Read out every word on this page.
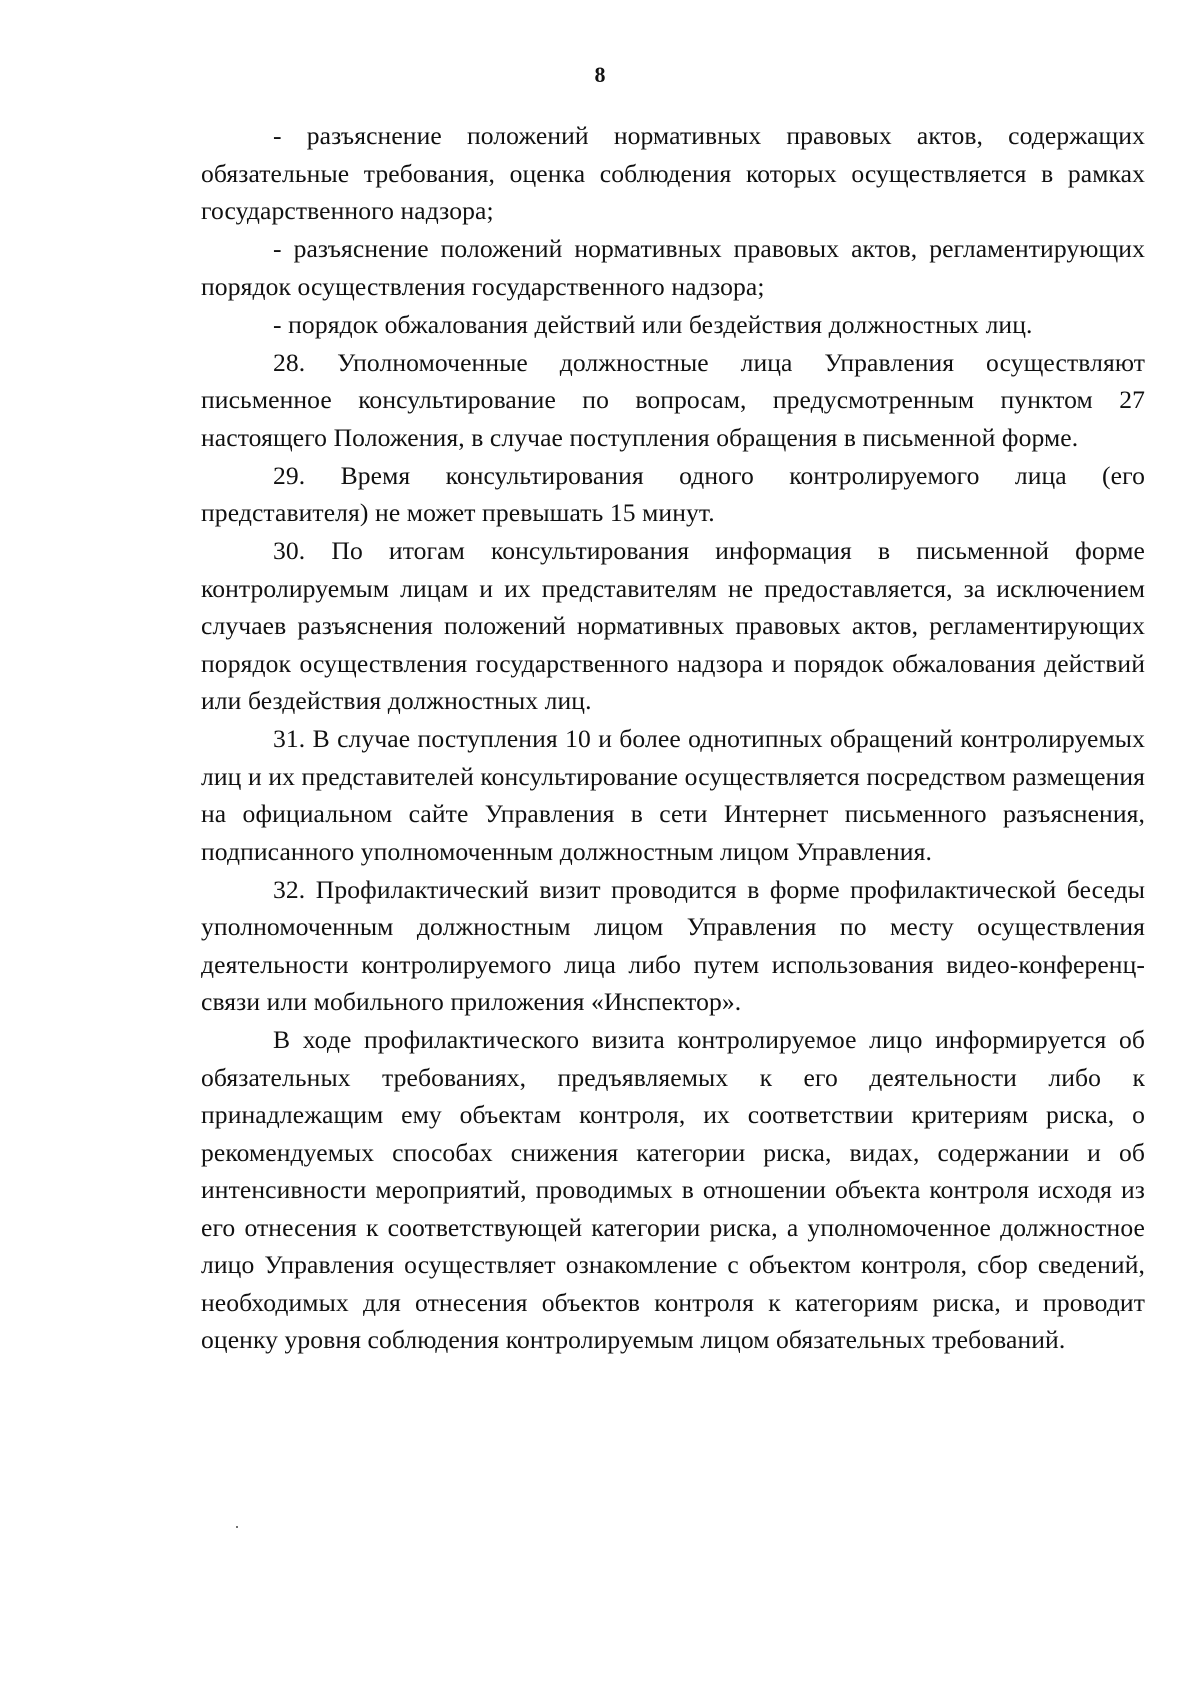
8

- разъяснение положений нормативных правовых актов, содержащих обязательные требования, оценка соблюдения которых осуществляется в рамках государственного надзора;

- разъяснение положений нормативных правовых актов, регламентирующих порядок осуществления государственного надзора;

- порядок обжалования действий или бездействия должностных лиц.

28. Уполномоченные должностные лица Управления осуществляют письменное консультирование по вопросам, предусмотренным пунктом 27 настоящего Положения, в случае поступления обращения в письменной форме.

29. Время консультирования одного контролируемого лица (его представителя) не может превышать 15 минут.

30. По итогам консультирования информация в письменной форме контролируемым лицам и их представителям не предоставляется, за исключением случаев разъяснения положений нормативных правовых актов, регламентирующих порядок осуществления государственного надзора и порядок обжалования действий или бездействия должностных лиц.

31. В случае поступления 10 и более однотипных обращений контролируемых лиц и их представителей консультирование осуществляется посредством размещения на официальном сайте Управления в сети Интернет письменного разъяснения, подписанного уполномоченным должностным лицом Управления.

32. Профилактический визит проводится в форме профилактической беседы уполномоченным должностным лицом Управления по месту осуществления деятельности контролируемого лица либо путем использования видео-конференц-связи или мобильного приложения «Инспектор».

В ходе профилактического визита контролируемое лицо информируется об обязательных требованиях, предъявляемых к его деятельности либо к принадлежащим ему объектам контроля, их соответствии критериям риска, о рекомендуемых способах снижения категории риска, видах, содержании и об интенсивности мероприятий, проводимых в отношении объекта контроля исходя из его отнесения к соответствующей категории риска, а уполномоченное должностное лицо Управления осуществляет ознакомление с объектом контроля, сбор сведений, необходимых для отнесения объектов контроля к категориям риска, и проводит оценку уровня соблюдения контролируемым лицом обязательных требований.
